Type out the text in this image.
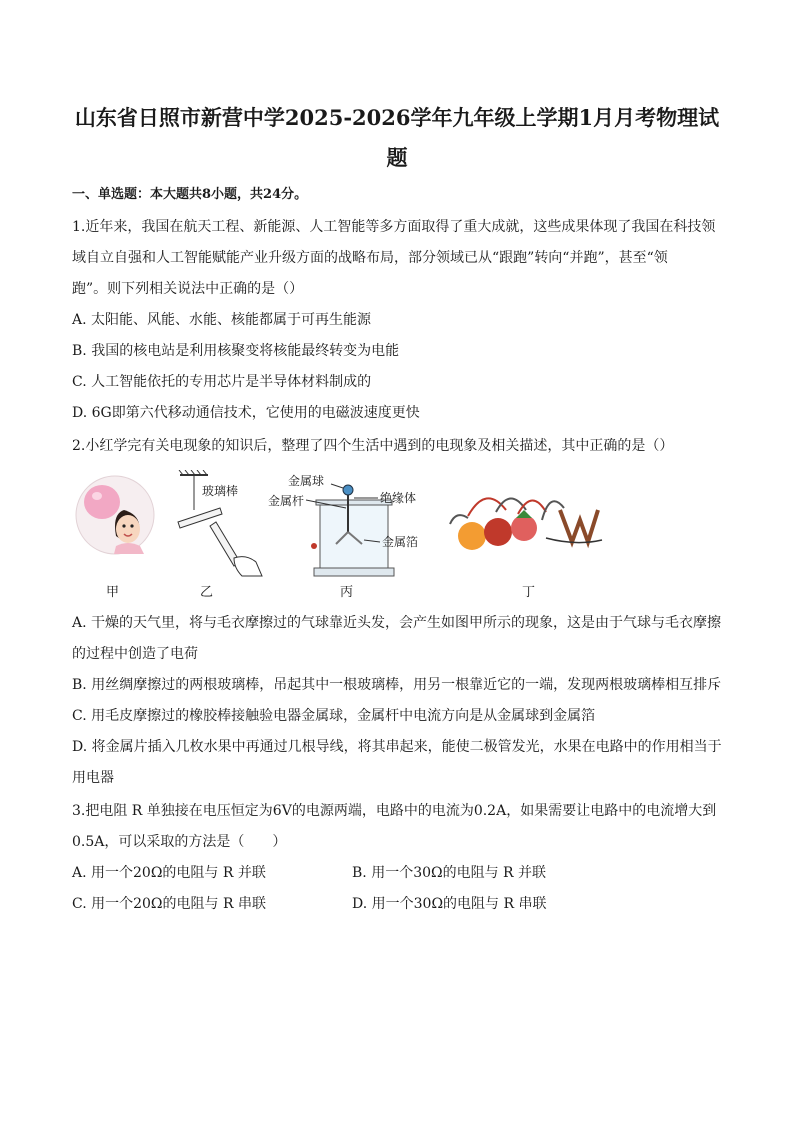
山东省日照市新营中学2025-2026学年九年级上学期1月月考物理试
题
一、单选题：本大题共8小题，共24分。
1.近年来，我国在航天工程、新能源、人工智能等多方面取得了重大成就，这些成果体现了我国在科技领
域自立自强和人工智能赋能产业升级方面的战略布局，部分领域已从“跟跑”转向“并跑”，甚至“领
跑”。则下列相关说法中正确的是（）
A. 太阳能、风能、水能、核能都属于可再生能源
B. 我国的核电站是利用核聚变将核能最终转变为电能
C. 人工智能依托的专用芯片是半导体材料制成的
D. 6G即第六代移动通信技术，它使用的电磁波速度更快
2.小红学完有关电现象的知识后，整理了四个生活中遇到的电现象及相关描述，其中正确的是（）
玻璃棒
金属球
金属杆	绝缘体
金属箔
甲	乙	丙	丁
A. 干燥的天气里，将与毛衣摩擦过的气球靠近头发，会产生如图甲所示的现象，这是由于气球与毛衣摩擦
的过程中创造了电荷
B. 用丝绸摩擦过的两根玻璃棒，吊起其中一根玻璃棒，用另一根靠近它的一端，发现两根玻璃棒相互排斥
C. 用毛皮摩擦过的橡胶棒接触验电器金属球，金属杆中电流方向是从金属球到金属箔
D. 将金属片插入几枚水果中再通过几根导线，将其串起来，能使二极管发光，水果在电路中的作用相当于
用电器
3.把电阻 R 单独接在电压恒定为6V的电源两端，电路中的电流为0.2A，如果需要让电路中的电流增大到
0.5A，可以采取的方法是（　　）
A. 用一个20Ω的电阻与 R 并联	B. 用一个30Ω的电阻与 R 并联
C. 用一个20Ω的电阻与 R 串联	D. 用一个30Ω的电阻与 R 串联
